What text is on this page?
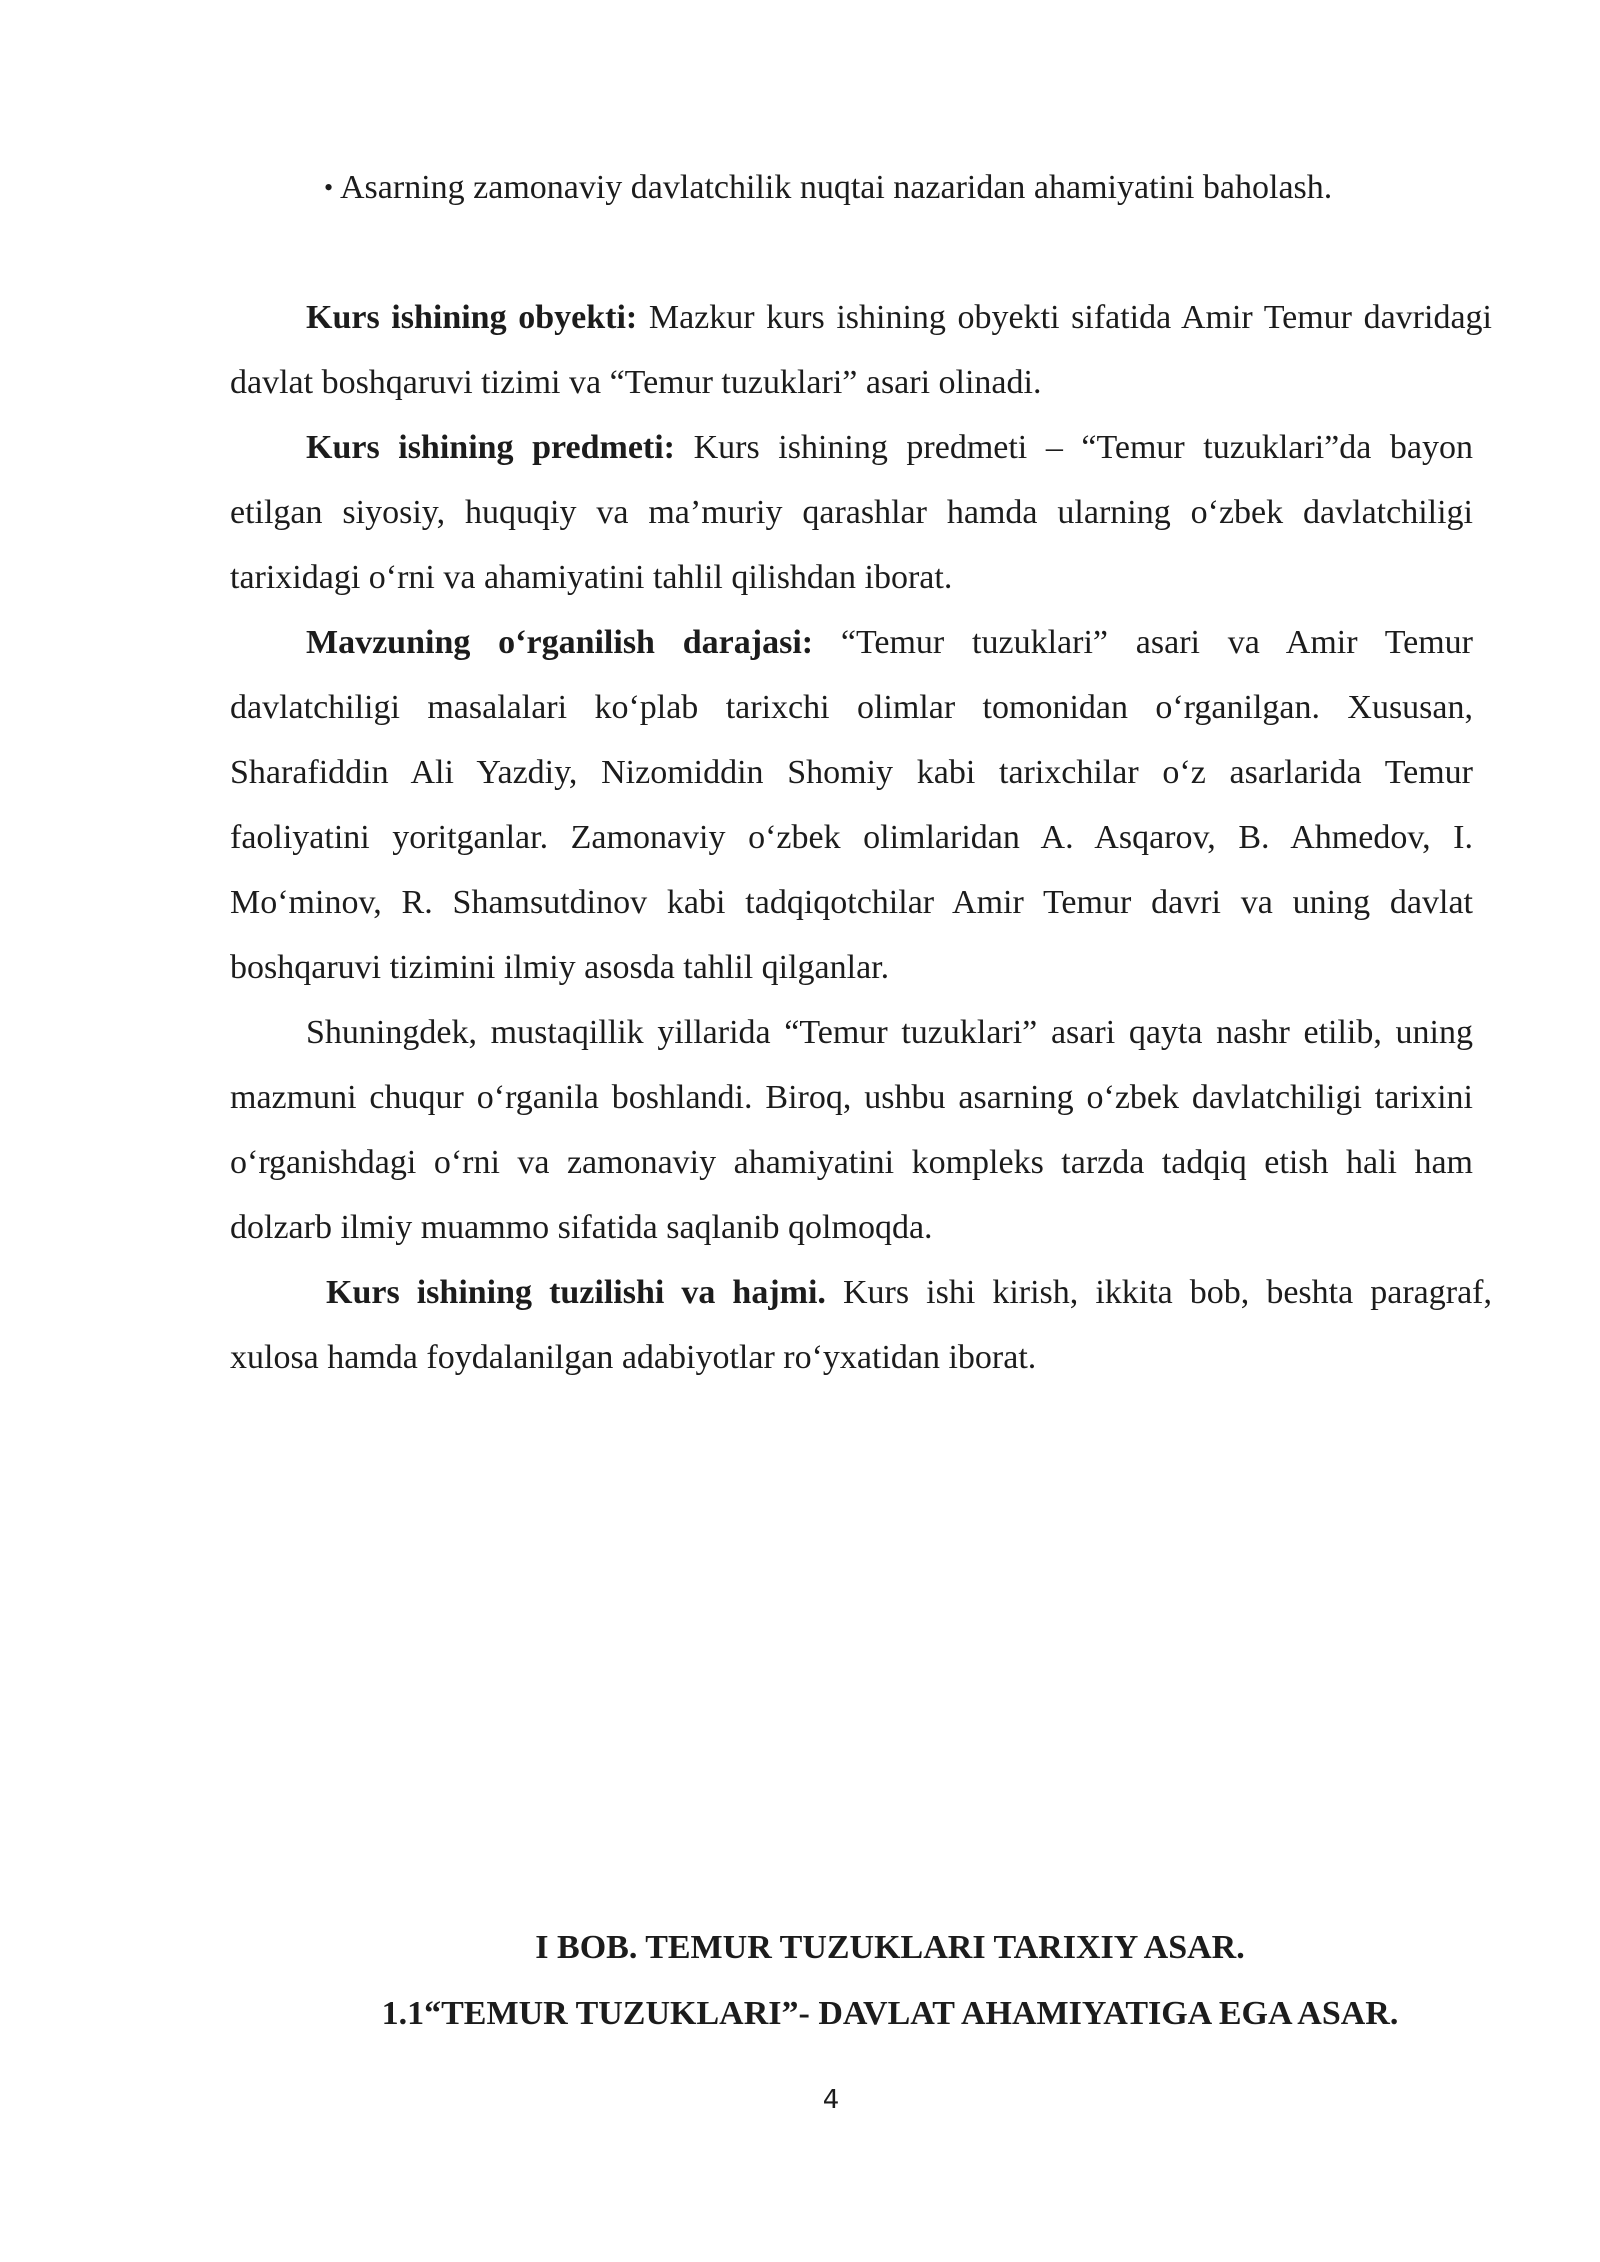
• Asarning zamonaviy davlatchilik nuqtai nazaridan ahamiyatini baholash.

Kurs ishining obyekti: Mazkur kurs ishining obyekti sifatida Amir Temur davridagi davlat boshqaruvi tizimi va “Temur tuzuklari” asari olinadi.

Kurs ishining predmeti: Kurs ishining predmeti – “Temur tuzuklari”da bayon etilgan siyosiy, huquqiy va ma’muriy qarashlar hamda ularning o‘zbek davlatchiligi tarixidagi o‘rni va ahamiyatini tahlil qilishdan iborat.

Mavzuning o‘rganilish darajasi: “Temur tuzuklari” asari va Amir Temur davlatchiligi masalalari ko‘plab tarixchi olimlar tomonidan o‘rganilgan. Xususan, Sharafiddin Ali Yazdiy, Nizomiddin Shomiy kabi tarixchilar o‘z asarlarida Temur faoliyatini yoritganlar. Zamonaviy o‘zbek olimlaridan A. Asqarov, B. Ahmedov, I. Mo‘minov, R. Shamsutdinov kabi tadqiqotchilar Amir Temur davri va uning davlat boshqaruvi tizimini ilmiy asosda tahlil qilganlar.

Shuningdek, mustaqillik yillarida “Temur tuzuklari” asari qayta nashr etilib, uning mazmuni chuqur o‘rganila boshlandi. Biroq, ushbu asarning o‘zbek davlatchiligi tarixini o‘rganishdagi o‘rni va zamonaviy ahamiyatini kompleks tarzda tadqiq etish hali ham dolzarb ilmiy muammo sifatida saqlanib qolmoqda.

Kurs ishining tuzilishi va hajmi. Kurs ishi kirish, ikkita bob, beshta paragraf, xulosa hamda foydalanilgan adabiyotlar ro‘yxatidan iborat.

I BOB. TEMUR TUZUKLARI TARIXIY ASAR.
1.1“TEMUR TUZUKLARI”- DAVLAT AHAMIYATIGA EGA ASAR.
4
